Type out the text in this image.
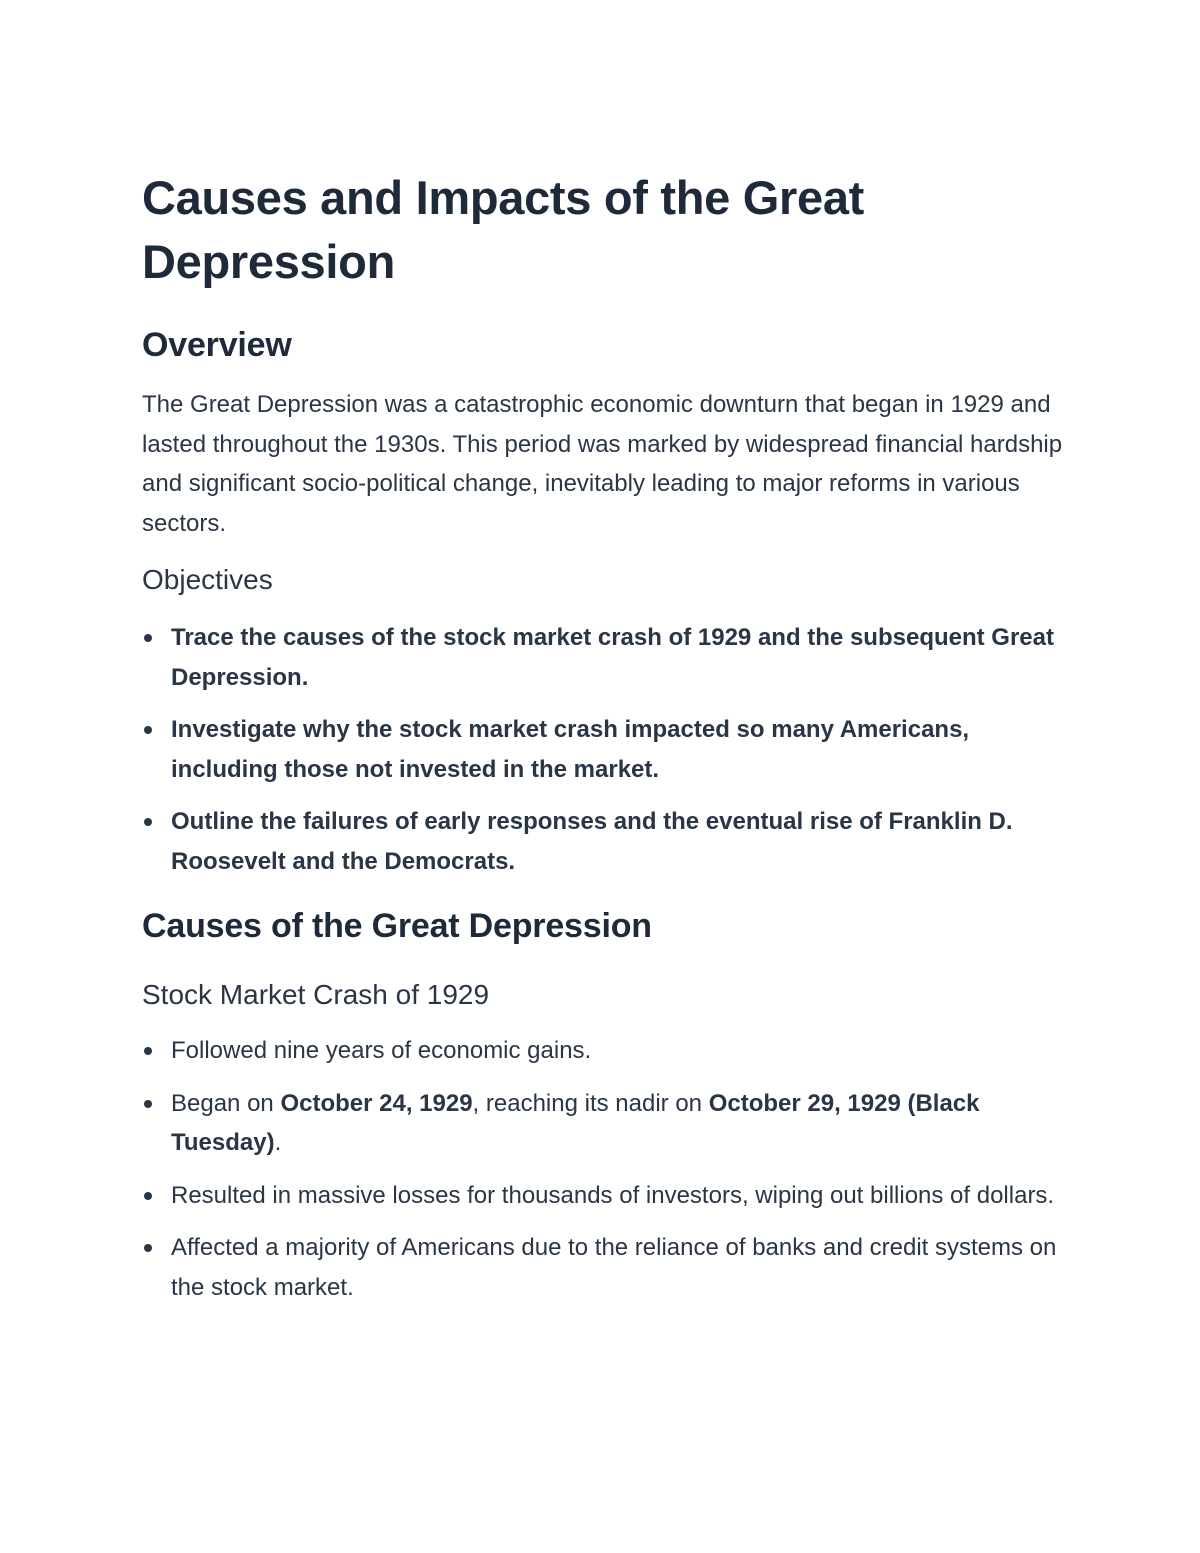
Causes and Impacts of the Great Depression
Overview

The Great Depression was a catastrophic economic downturn that began in 1929 and lasted throughout the 1930s. This period was marked by widespread financial hardship and significant socio-political change, inevitably leading to major reforms in various sectors.

Objectives
Trace the causes of the stock market crash of 1929 and the subsequent Great Depression.
Investigate why the stock market crash impacted so many Americans, including those not invested in the market.
Outline the failures of early responses and the eventual rise of Franklin D. Roosevelt and the Democrats.
Causes of the Great Depression
Stock Market Crash of 1929
Followed nine years of economic gains.
Began on October 24, 1929, reaching its nadir on October 29, 1929 (Black Tuesday).
Resulted in massive losses for thousands of investors, wiping out billions of dollars.
Affected a majority of Americans due to the reliance of banks and credit systems on the stock market.
